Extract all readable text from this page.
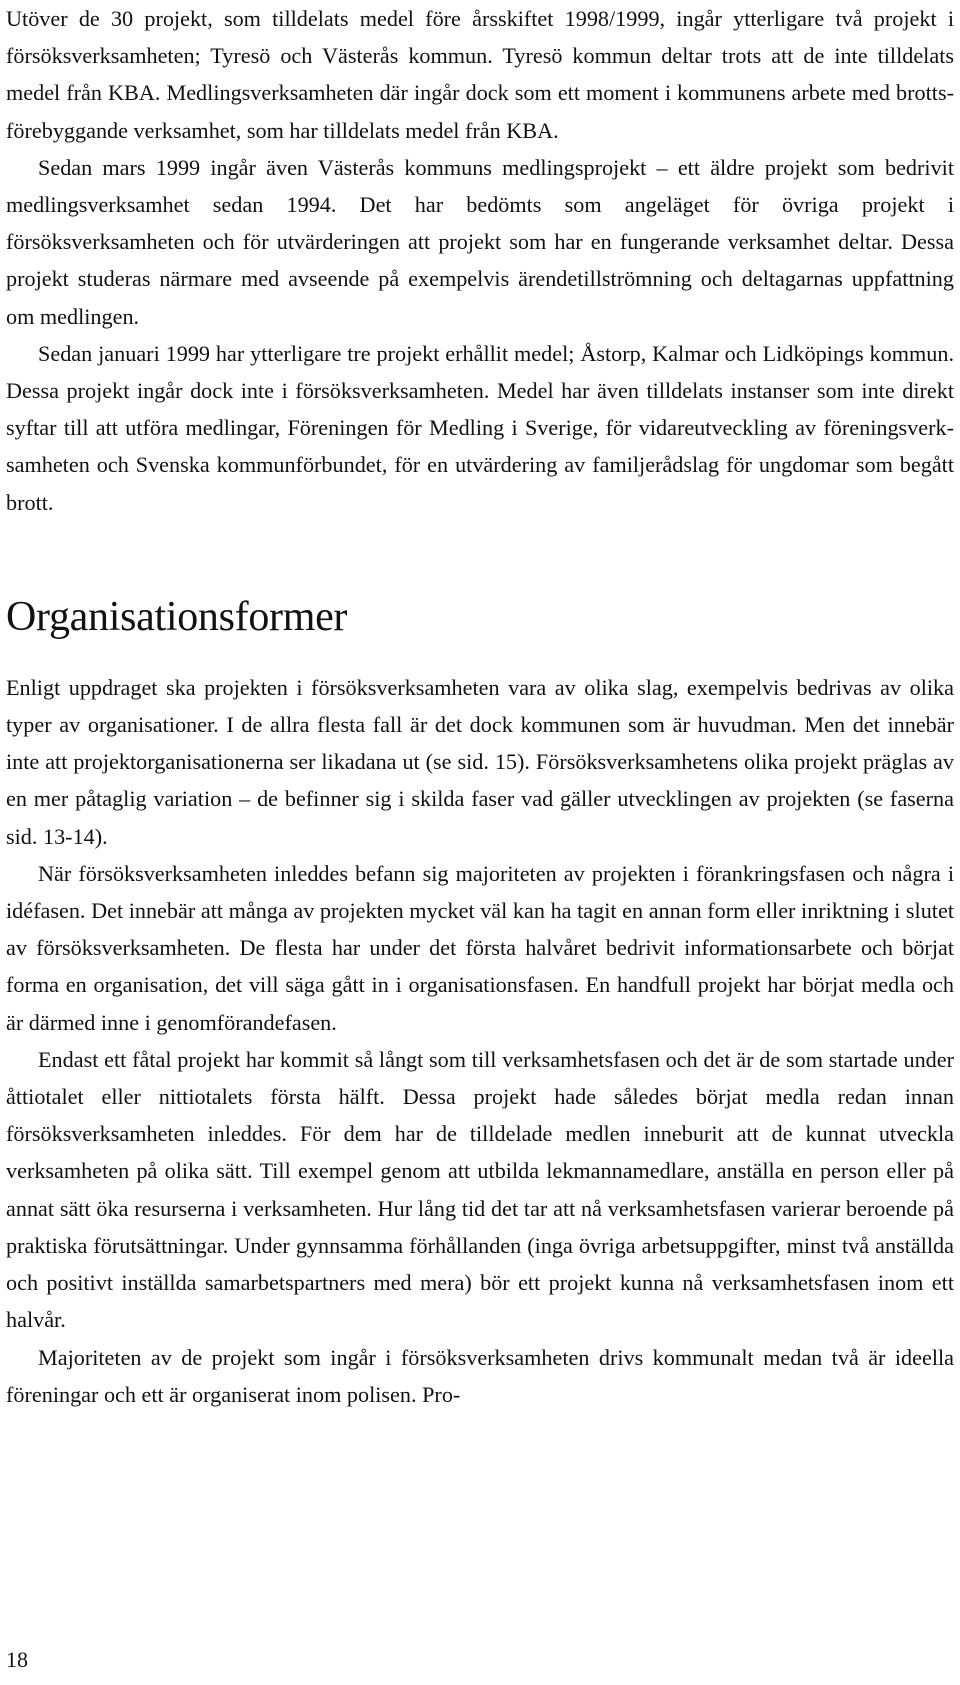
Utöver de 30 projekt, som tilldelats medel före årsskiftet 1998/1999, ingår ytterligare två projekt i försöksverksamheten; Tyresö och Västerås kommun. Tyresö kommun deltar trots att de inte tilldelats medel från KBA. Medlingsverksamheten där ingår dock som ett moment i kommunens arbete med brottsförebyggande verksamhet, som har tilldelats medel från KBA.

Sedan mars 1999 ingår även Västerås kommuns medlingsprojekt – ett äldre projekt som bedrivit medlingsverksamhet sedan 1994. Det har bedömts som angeläget för övriga projekt i försöksverksamheten och för utvärderingen att projekt som har en fungerande verksamhet deltar. Dessa projekt studeras närmare med avseende på exempelvis ärendetillströmning och deltagarnas uppfattning om medlingen.

Sedan januari 1999 har ytterligare tre projekt erhållit medel; Åstorp, Kalmar och Lidköpings kommun. Dessa projekt ingår dock inte i försöksverksamheten. Medel har även tilldelats instanser som inte direkt syftar till att utföra medlingar, Föreningen för Medling i Sverige, för vidareutveckling av föreningsverksamheten och Svenska kommunförbundet, för en utvärdering av familjerådslag för ungdomar som begått brott.

Organisationsformer

Enligt uppdraget ska projekten i försöksverksamheten vara av olika slag, exempelvis bedrivas av olika typer av organisationer. I de allra flesta fall är det dock kommunen som är huvudman. Men det innebär inte att projektorganisationerna ser likadana ut (se sid. 15). Försöksverksamhetens olika projekt präglas av en mer påtaglig variation – de befinner sig i skilda faser vad gäller utvecklingen av projekten (se faserna sid. 13-14).

När försöksverksamheten inleddes befann sig majoriteten av projekten i förankringsfasen och några i idéfasen. Det innebär att många av projekten mycket väl kan ha tagit en annan form eller inriktning i slutet av försöksverksamheten. De flesta har under det första halvåret bedrivit informationsarbete och börjat forma en organisation, det vill säga gått in i organisationsfasen. En handfull projekt har börjat medla och är därmed inne i genomförandefasen.

Endast ett fåtal projekt har kommit så långt som till verksamhetsfasen och det är de som startade under åttiotalet eller nittiotalets första hälft. Dessa projekt hade således börjat medla redan innan försöksverksamheten inleddes. För dem har de tilldelade medlen inneburit att de kunnat utveckla verksamheten på olika sätt. Till exempel genom att utbilda lekmannamedlare, anställa en person eller på annat sätt öka resurserna i verksamheten. Hur lång tid det tar att nå verksamhetsfasen varierar beroende på praktiska förutsättningar. Under gynnsamma förhållanden (inga övriga arbetsuppgifter, minst två anställda och positivt inställda samarbetspartners med mera) bör ett projekt kunna nå verksamhetsfasen inom ett halvår.

Majoriteten av de projekt som ingår i försöksverksamheten drivs kommunalt medan två är ideella föreningar och ett är organiserat inom polisen. Pro-

18
